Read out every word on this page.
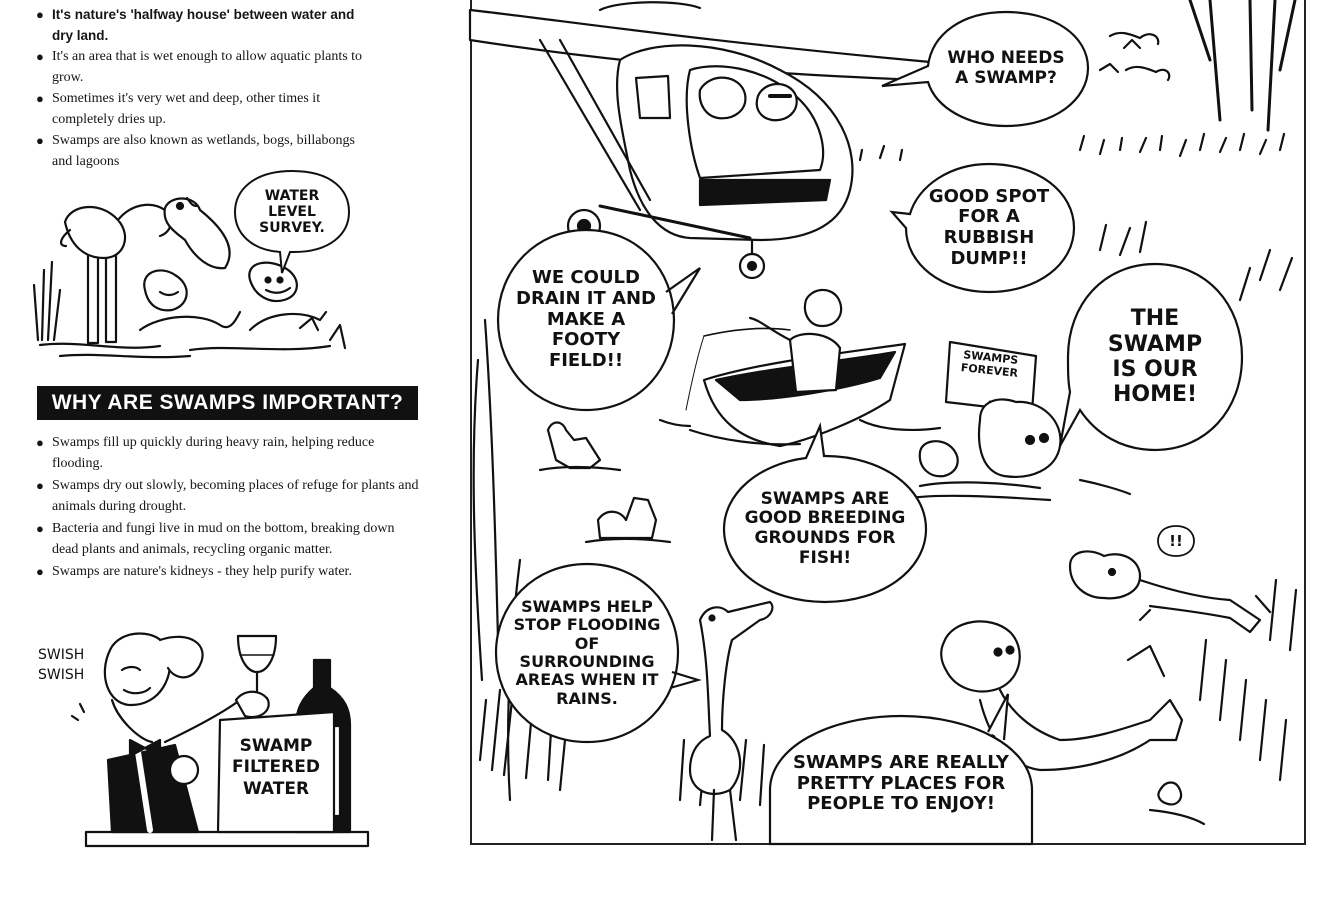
● It's nature's 'halfway house' between water and dry land.
● It's an area that is wet enough to allow aquatic plants to grow.
● Sometimes it's very wet and deep, other times it completely dries up.
● Swamps are also known as wetlands, bogs, billabongs and lagoons
WATER LEVEL SURVEY.
WHY ARE SWAMPS IMPORTANT?
● Swamps fill up quickly during heavy rain, helping reduce flooding.
● Swamps dry out slowly, becoming places of refuge for plants and animals during drought.
● Bacteria and fungi live in mud on the bottom, breaking down dead plants and animals, recycling organic matter.
● Swamps are nature's kidneys - they help purify water.
SWISH SWISH
SWAMP FILTERED WATER
WHO NEEDS A SWAMP?
GOOD SPOT FOR A RUBBISH DUMP!!
WE COULD DRAIN IT AND MAKE A FOOTY FIELD!!
THE SWAMP IS OUR HOME!
SWAMPS FOREVER
SWAMPS ARE GOOD BREEDING GROUNDS FOR FISH!
SWAMPS HELP STOP FLOODING OF SURROUNDING AREAS WHEN IT RAINS.
SWAMPS ARE REALLY PRETTY PLACES FOR PEOPLE TO ENJOY!
!!
